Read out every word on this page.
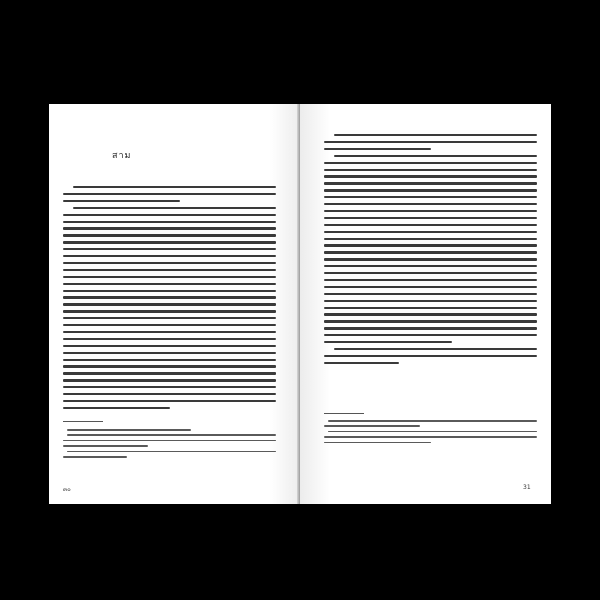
สาม
๓๐	31
